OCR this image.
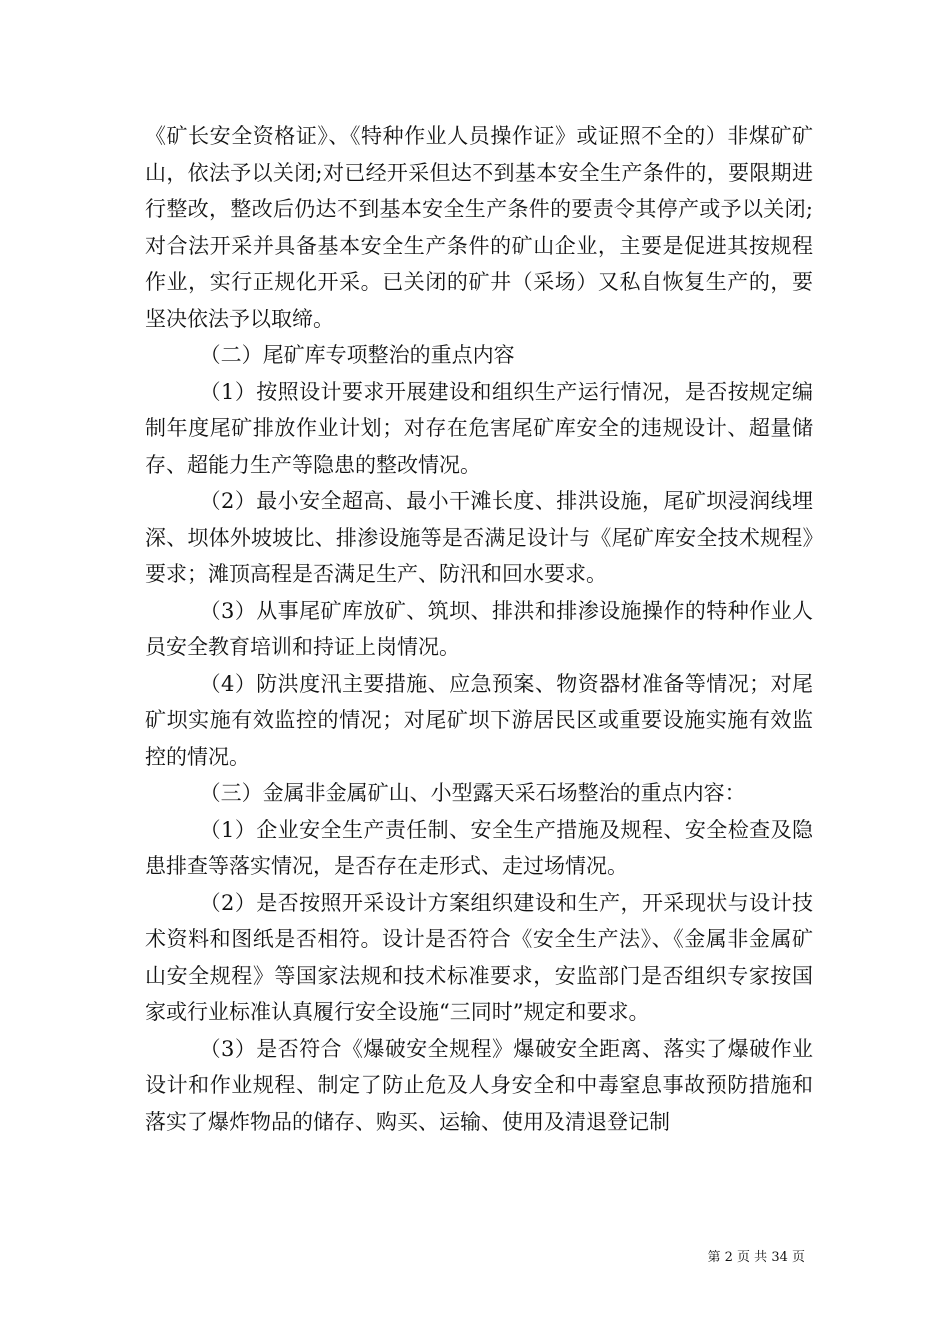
《矿长安全资格证》、《特种作业人员操作证》或证照不全的）非煤矿矿山，依法予以关闭;对已经开采但达不到基本安全生产条件的，要限期进行整改，整改后仍达不到基本安全生产条件的要责令其停产或予以关闭;对合法开采并具备基本安全生产条件的矿山企业，主要是促进其按规程作业，实行正规化开采。已关闭的矿井（采场）又私自恢复生产的，要坚决依法予以取缔。

（二）尾矿库专项整治的重点内容

（1）按照设计要求开展建设和组织生产运行情况，是否按规定编制年度尾矿排放作业计划；对存在危害尾矿库安全的违规设计、超量储存、超能力生产等隐患的整改情况。

（2）最小安全超高、最小干滩长度、排洪设施，尾矿坝浸润线埋深、坝体外坡坡比、排渗设施等是否满足设计与《尾矿库安全技术规程》要求；滩顶高程是否满足生产、防汛和回水要求。

（3）从事尾矿库放矿、筑坝、排洪和排渗设施操作的特种作业人员安全教育培训和持证上岗情况。

（4）防洪度汛主要措施、应急预案、物资器材准备等情况；对尾矿坝实施有效监控的情况；对尾矿坝下游居民区或重要设施实施有效监控的情况。

（三）金属非金属矿山、小型露天采石场整治的重点内容：

（1）企业安全生产责任制、安全生产措施及规程、安全检查及隐患排查等落实情况，是否存在走形式、走过场情况。

（2）是否按照开采设计方案组织建设和生产，开采现状与设计技术资料和图纸是否相符。设计是否符合《安全生产法》、《金属非金属矿山安全规程》等国家法规和技术标准要求，安监部门是否组织专家按国家或行业标准认真履行安全设施“三同时”规定和要求。

（3）是否符合《爆破安全规程》爆破安全距离、落实了爆破作业设计和作业规程、制定了防止危及人身安全和中毒窒息事故预防措施和落实了爆炸物品的储存、购买、运输、使用及清退登记制

第 2 页 共 34 页
